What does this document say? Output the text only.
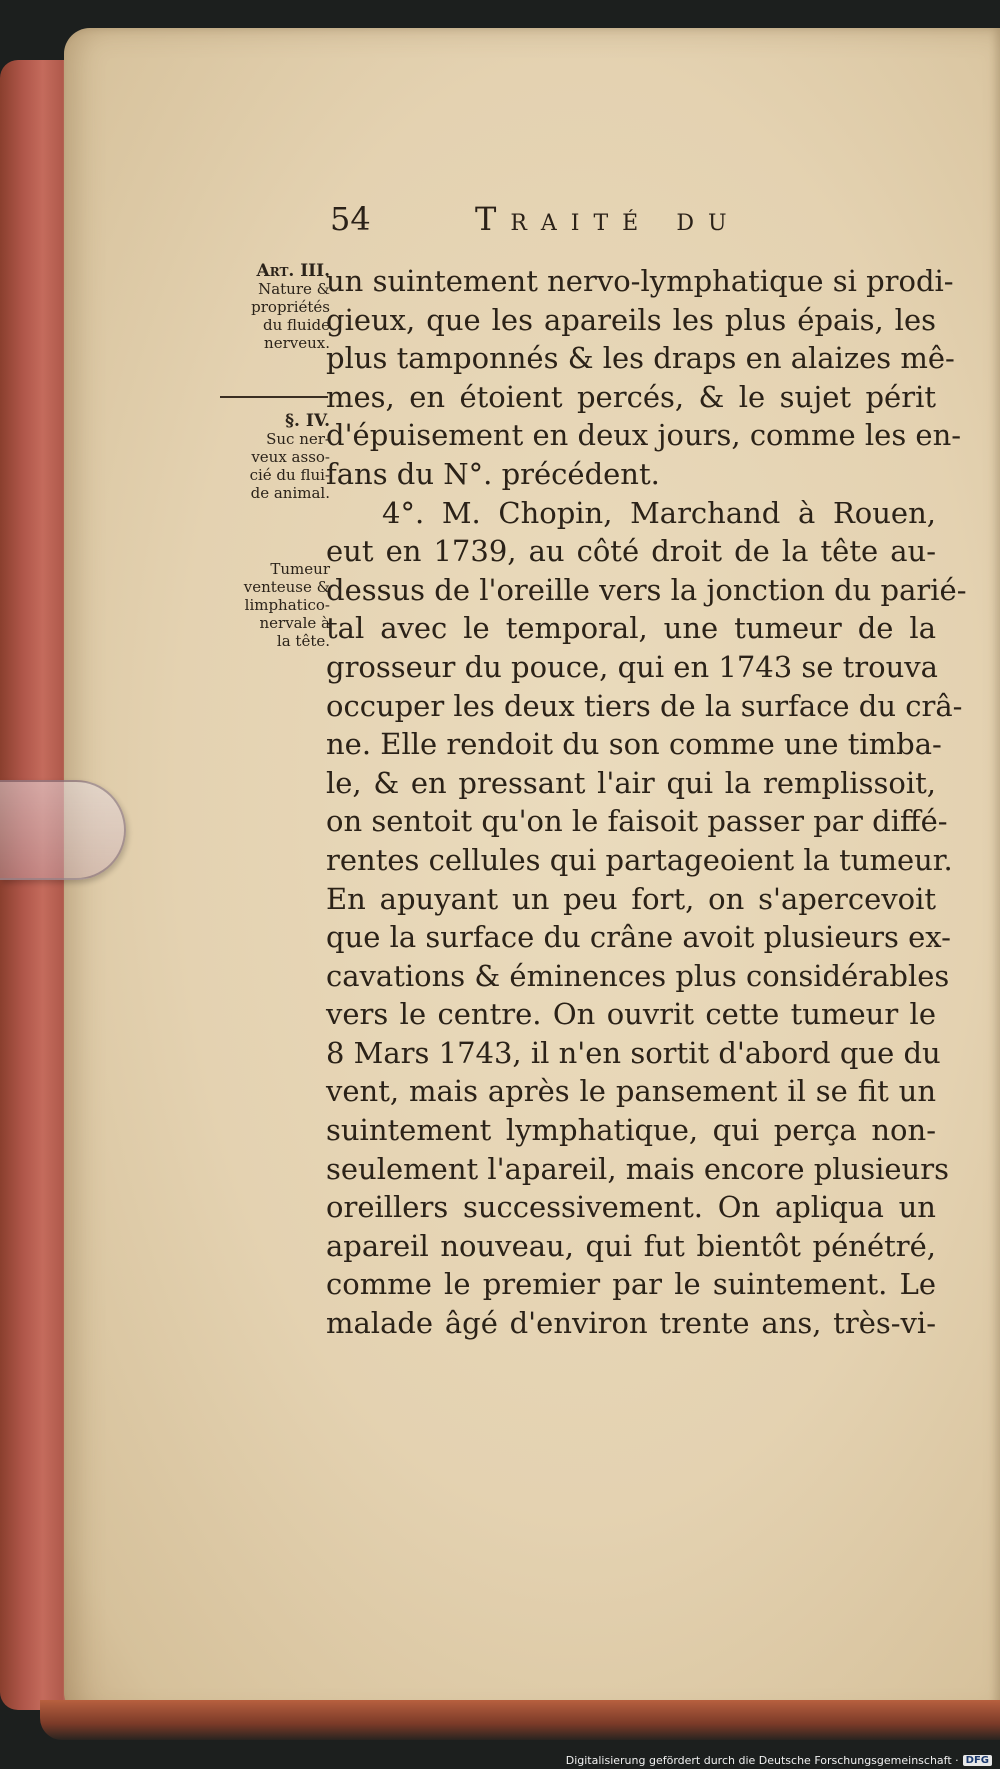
54	Traité du
Art. III.
Nature &
propriétés
du fluide
nerveux.
§. IV.
Suc ner-
veux asso-
cié du flui-
de animal.
Tumeur
venteuse &
limphatico-
nervale à
la tête.
un suintement nervo-lymphatique si prodi-
gieux, que les apareils les plus épais, les
plus tamponnés & les draps en alaizes mê-
mes, en étoient percés, & le sujet périt
d'épuisement en deux jours, comme les en-
fans du N°. précédent.
4°. M. Chopin, Marchand à Rouen,
eut en 1739, au côté droit de la tête au-
dessus de l'oreille vers la jonction du parié-
tal avec le temporal, une tumeur de la
grosseur du pouce, qui en 1743 se trouva
occuper les deux tiers de la surface du crâ-
ne. Elle rendoit du son comme une timba-
le, & en pressant l'air qui la remplissoit,
on sentoit qu'on le faisoit passer par diffé-
rentes cellules qui partageoient la tumeur.
En apuyant un peu fort, on s'apercevoit
que la surface du crâne avoit plusieurs ex-
cavations & éminences plus considérables
vers le centre. On ouvrit cette tumeur le
8 Mars 1743, il n'en sortit d'abord que du
vent, mais après le pansement il se fit un
suintement lymphatique, qui perça non-
seulement l'apareil, mais encore plusieurs
oreillers successivement. On apliqua un
apareil nouveau, qui fut bientôt pénétré,
comme le premier par le suintement. Le
malade âgé d'environ trente ans, très-vi-
Digitalisierung gefördert durch die Deutsche Forschungsgemeinschaft · DFG
